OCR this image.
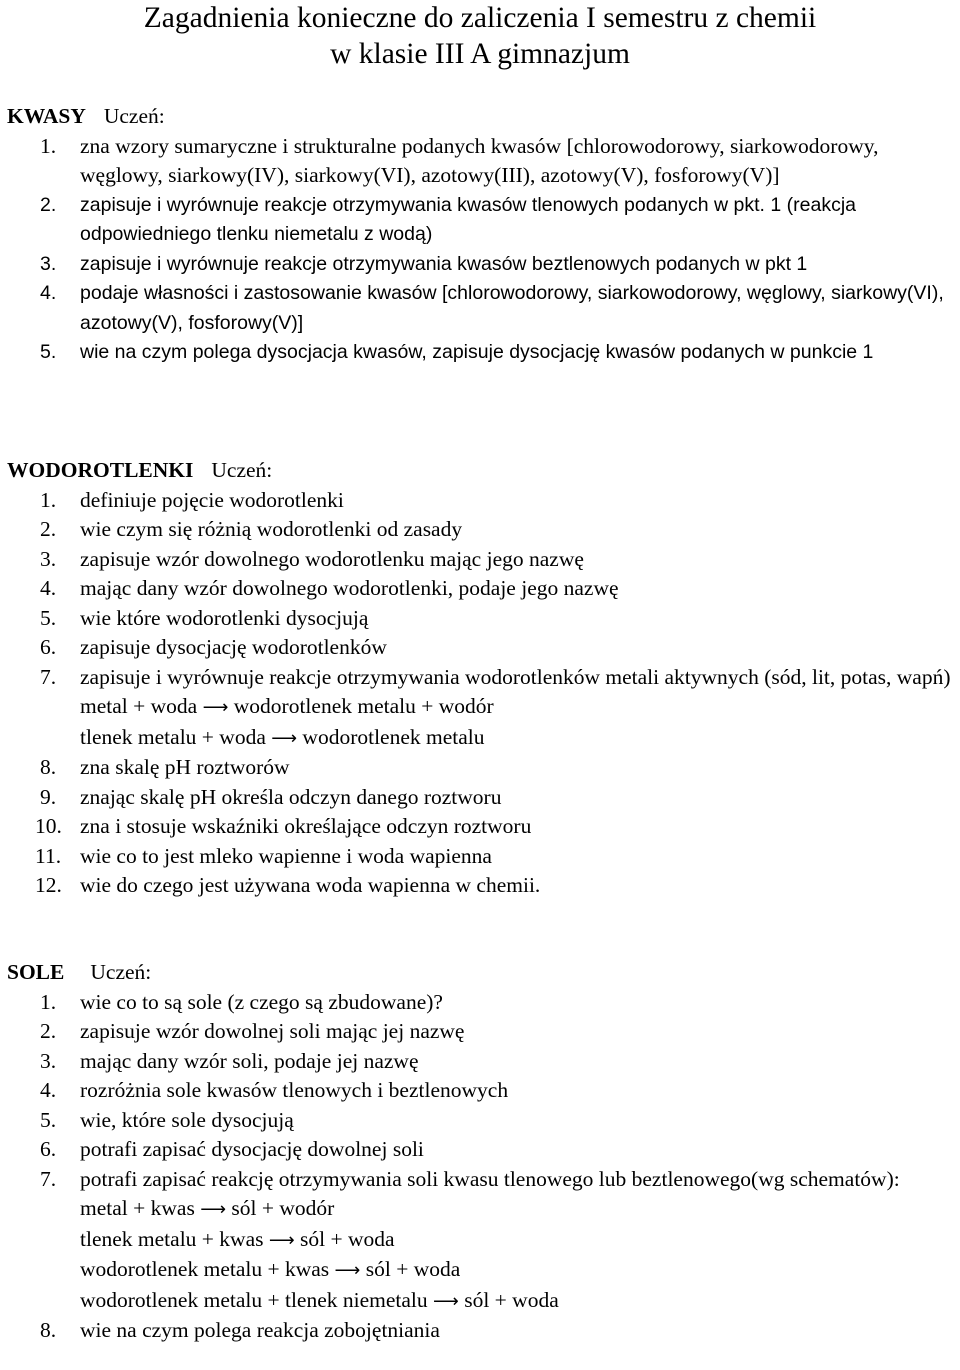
Zagadnienia konieczne do zaliczenia I semestru z chemii
w klasie III A gimnazjum
KWASY Uczeń:
1. zna wzory sumaryczne i strukturalne podanych kwasów [chlorowodorowy, siarkowodorowy, węglowy, siarkowy(IV), siarkowy(VI), azotowy(III), azotowy(V), fosforowy(V)]
2. zapisuje i wyrównuje reakcje otrzymywania kwasów tlenowych podanych w pkt. 1 (reakcja odpowiedniego tlenku niemetalu z wodą)
3. zapisuje i wyrównuje reakcje otrzymywania kwasów beztlenowych podanych w pkt 1
4. podaje własności i zastosowanie kwasów [chlorowodorowy, siarkowodorowy, węglowy, siarkowy(VI), azotowy(V), fosforowy(V)]
5. wie na czym polega dysocjacja kwasów, zapisuje dysocjację kwasów podanych w punkcie 1
WODOROTLENKI Uczeń:
1. definiuje pojęcie wodorotlenki
2. wie czym się różnią wodorotlenki od zasady
3. zapisuje wzór dowolnego wodorotlenku mając jego nazwę
4. mając dany wzór dowolnego wodorotlenki, podaje jego nazwę
5. wie które wodorotlenki dysocjują
6. zapisuje dysocjację wodorotlenków
7. zapisuje i wyrównuje reakcje otrzymywania wodorotlenków metali aktywnych (sód, lit, potas, wapń)
metal + woda ⟶ wodorotlenek metalu + wodór
tlenek metalu + woda ⟶ wodorotlenek metalu
8. zna skalę pH roztworów
9. znając skalę pH określa odczyn danego roztworu
10. zna i stosuje wskaźniki określające odczyn roztworu
11. wie co to jest mleko wapienne i woda wapienna
12. wie do czego jest używana woda wapienna w chemii.
SOLE Uczeń:
1. wie co to są sole (z czego są zbudowane)?
2. zapisuje wzór dowolnej soli mając jej nazwę
3. mając dany wzór soli, podaje jej nazwę
4. rozróżnia sole kwasów tlenowych i beztlenowych
5. wie, które sole dysocjują
6. potrafi zapisać dysocjację dowolnej soli
7. potrafi zapisać reakcję otrzymywania soli kwasu tlenowego lub beztlenowego(wg schematów):
metal + kwas ⟶ sól + wodór
tlenek metalu + kwas ⟶ sól + woda
wodorotlenek metalu + kwas ⟶ sól + woda
wodorotlenek metalu + tlenek niemetalu ⟶ sól + woda
8. wie na czym polega reakcja zobojętniania
